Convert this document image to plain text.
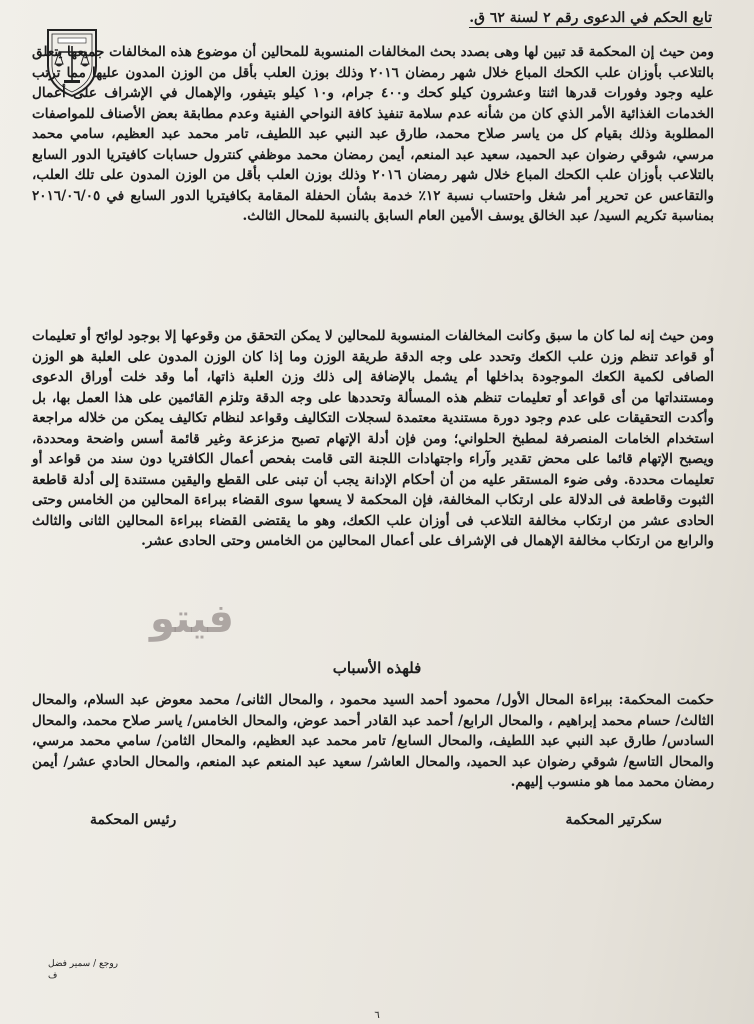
تابع الحكم في الدعوى رقم ٢ لسنة ٦٢ ق.

ومن حيث إن المحكمة قد تبين لها وهى بصدد بحث المخالفات المنسوبة للمحالين أن موضوع هذه المخالفات جميعها يتعلق بالتلاعب بأوزان علب الكحك المباع خلال شهر رمضان ٢٠١٦ وذلك بوزن العلب بأقل من الوزن المدون عليها مما ترتب عليه وجود وفورات قدرها اثنتا وعشرون كيلو كحك و٤٠٠ جرام، و١٠ كيلو بتيفور، والإهمال في الإشراف على أعمال الخدمات الغذائية الأمر الذي كان من شأنه عدم سلامة تنفيذ كافة النواحي الفنية وعدم مطابقة بعض الأصناف للمواصفات المطلوبة وذلك بقيام كل من ياسر صلاح محمد، طارق عبد النبي عبد اللطيف، تامر محمد عبد العظيم، سامي محمد مرسي، شوقي رضوان عبد الحميد، سعيد عبد المنعم، أيمن رمضان محمد موظفي كنترول حسابات كافيتريا الدور السابع بالتلاعب بأوزان علب الكحك المباع خلال شهر رمضان ٢٠١٦ وذلك بوزن العلب بأقل من الوزن المدون على تلك العلب، والتقاعس عن تحرير أمر شغل واحتساب نسبة ١٢٪ خدمة بشأن الحفلة المقامة بكافيتريا الدور السابع في ٢٠١٦/٠٦/٠٥ بمناسبة تكريم السيد/ عبد الخالق يوسف الأمين العام السابق بالنسبة للمحال الثالث.

ومن حيث إنه لما كان ما سبق وكانت المخالفات المنسوبة للمحالين لا يمكن التحقق من وقوعها إلا بوجود لوائح أو تعليمات أو قواعد تنظم وزن علب الكعك وتحدد على وجه الدقة طريقة الوزن وما إذا كان الوزن المدون على العلبة هو الوزن الصافى لكمية الكعك الموجودة بداخلها أم يشمل بالإضافة إلى ذلك وزن العلبة ذاتها، أما وقد خلت أوراق الدعوى ومستنداتها من أى قواعد أو تعليمات تنظم هذه المسألة وتحددها على وجه الدقة وتلزم القائمين على هذا العمل بها، بل وأكدت التحقيقات على عدم وجود دورة مستندية معتمدة لسجلات التكاليف وقواعد لنظام تكاليف يمكن من خلاله مراجعة استخدام الخامات المنصرفة لمطبخ الحلواني؛ ومن فإن أدلة الإتهام تصبح مزعزعة وغير قائمة أسس واضحة ومحددة، ويصبح الإتهام قائما على محض تقدير وآراء واجتهادات اللجنة التى قامت بفحص أعمال الكافتريا دون سند من قواعد أو تعليمات محددة. وفى ضوء المستقر عليه من أن أحكام الإدانة يجب أن تبنى على القطع واليقين مستندة إلى أدلة قاطعة الثبوت وقاطعة فى الدلالة على ارتكاب المخالفة، فإن المحكمة لا يسعها سوى القضاء ببراءة المحالين من الخامس وحتى الحادى عشر من ارتكاب مخالفة التلاعب فى أوزان علب الكعك، وهو ما يقتضى القضاء ببراءة المحالين الثانى والثالث والرابع من ارتكاب مخالفة الإهمال فى الإشراف على أعمال المحالين من الخامس وحتى الحادى عشر.

فلهذه الأسباب

حكمت المحكمة: ببراءة المحال الأول/ محمود أحمد السيد محمود ، والمحال الثانى/ محمد معوض عبد السلام، والمحال الثالث/ حسام محمد إبراهيم ، والمحال الرابع/ أحمد عبد القادر أحمد عوض، والمحال الخامس/ ياسر صلاح محمد، والمحال السادس/ طارق عبد النبي عبد اللطيف، والمحال السابع/ تامر محمد عبد العظيم، والمحال الثامن/ سامي محمد مرسي، والمحال التاسع/ شوقي رضوان عبد الحميد، والمحال العاشر/ سعيد عبد المنعم عبد المنعم، والمحال الحادي عشر/ أيمن رمضان محمد مما هو منسوب إليهم.

سكرتير المحكمة
رئيس المحكمة
روجع / سمير فضل
ف
٦
فيتو
